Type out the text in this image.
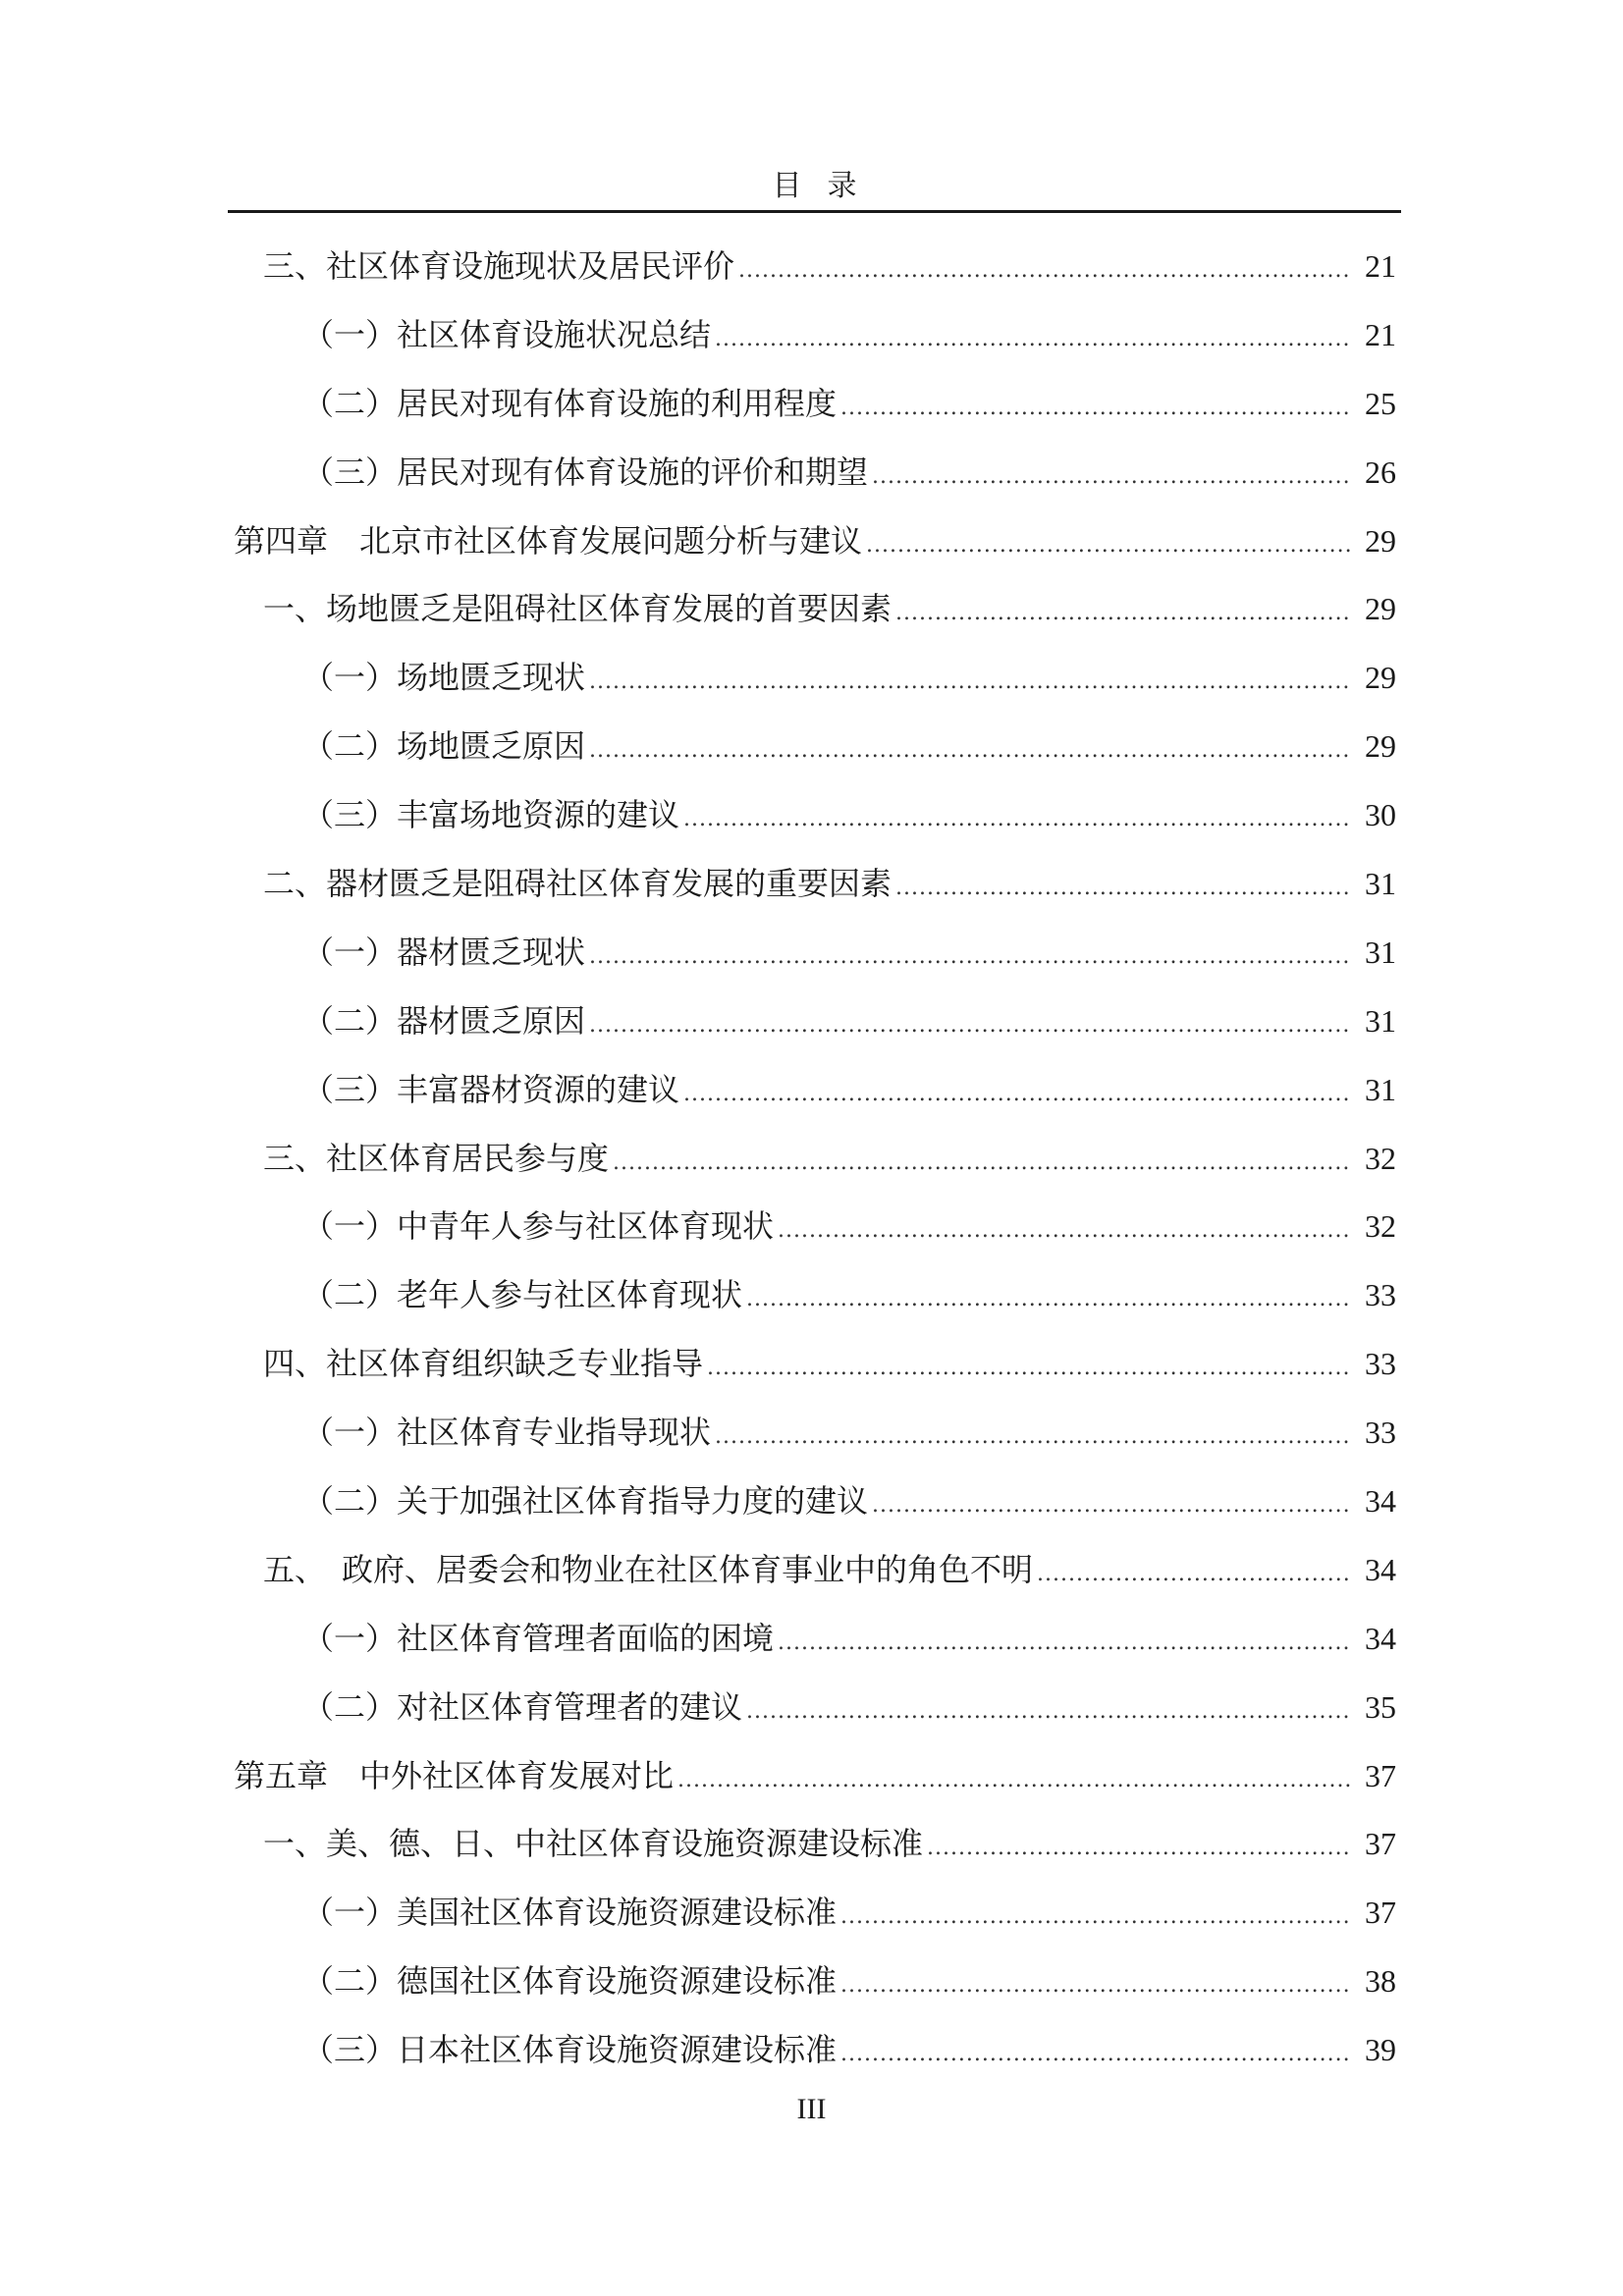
目录
三、社区体育设施现状及居民评价 .....	21
（一）社区体育设施状况总结 .....	21
（二）居民对现有体育设施的利用程度 .....	25
（三）居民对现有体育设施的评价和期望 .....	26
第四章　北京市社区体育发展问题分析与建议 .....	29
一、场地匮乏是阻碍社区体育发展的首要因素 .....	29
（一）场地匮乏现状 .....	29
（二）场地匮乏原因 .....	29
（三）丰富场地资源的建议 .....	30
二、器材匮乏是阻碍社区体育发展的重要因素 .....	31
（一）器材匮乏现状 .....	31
（二）器材匮乏原因 .....	31
（三）丰富器材资源的建议 .....	31
三、社区体育居民参与度 .....	32
（一）中青年人参与社区体育现状 .....	32
（二）老年人参与社区体育现状 .....	33
四、社区体育组织缺乏专业指导 .....	33
（一）社区体育专业指导现状 .....	33
（二）关于加强社区体育指导力度的建议 .....	34
五、　政府、居委会和物业在社区体育事业中的角色不明 .....	34
（一）社区体育管理者面临的困境 .....	34
（二）对社区体育管理者的建议 .....	35
第五章　中外社区体育发展对比 .....	37
一、美、德、日、中社区体育设施资源建设标准 .....	37
（一）美国社区体育设施资源建设标准 .....	37
（二）德国社区体育设施资源建设标准 .....	38
（三）日本社区体育设施资源建设标准 .....	39
III
